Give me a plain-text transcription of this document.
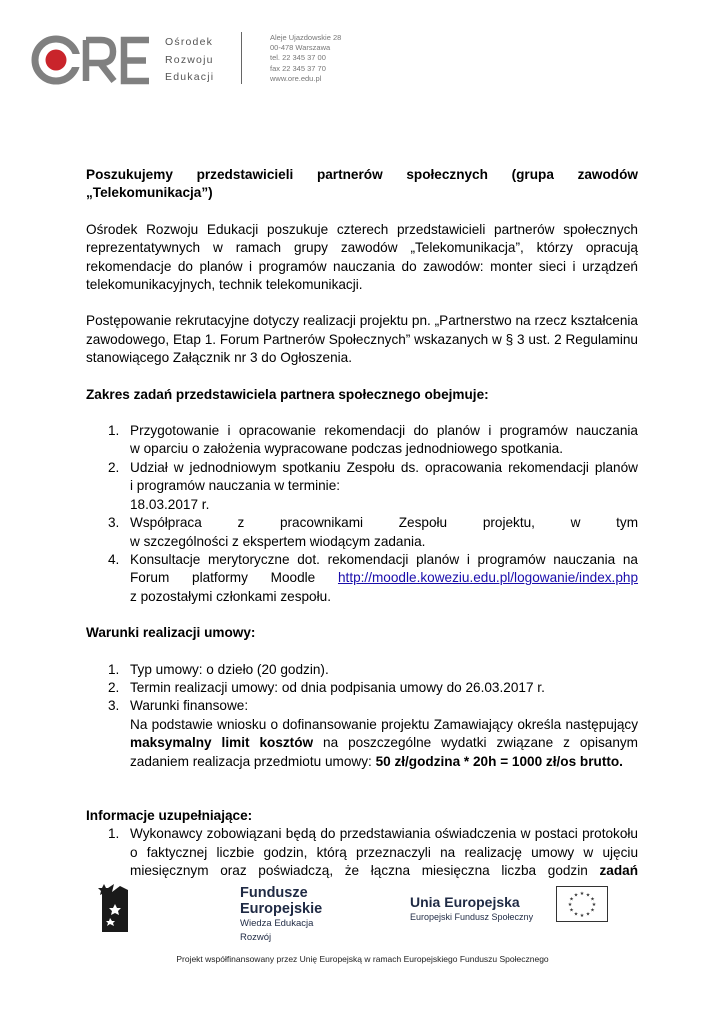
Ośrodek
Rozwoju
Edukacji
Aleje Ujazdowskie 28
00-478 Warszawa
tel. 22 345 37 00
fax 22 345 37 70
www.ore.edu.pl
Poszukujemy przedstawicieli partnerów społecznych (grupa zawodów
„Telekomunikacja”)

Ośrodek Rozwoju Edukacji poszukuje czterech przedstawicieli partnerów społecznych
reprezentatywnych w ramach grupy zawodów „Telekomunikacja”, którzy opracują
rekomendacje do planów i programów nauczania do zawodów: monter sieci i urządzeń
telekomunikacyjnych, technik telekomunikacji.

Postępowanie rekrutacyjne dotyczy realizacji projektu pn. „Partnerstwo na rzecz kształcenia
zawodowego, Etap 1. Forum Partnerów Społecznych” wskazanych w § 3 ust. 2 Regulaminu
stanowiącego Załącznik nr 3 do Ogłoszenia.

Zakres zadań przedstawiciela partnera społecznego obejmuje:
1. Przygotowanie i opracowanie rekomendacji do planów i programów nauczania
w oparciu o założenia wypracowane podczas jednodniowego spotkania.
2. Udział w jednodniowym spotkaniu Zespołu ds. opracowania rekomendacji planów
i programów nauczania w terminie:
18.03.2017 r.
3. Współpraca	z	pracownikami	Zespołu	projektu,	w	tym
w szczególności z ekspertem wiodącym zadania.
4. Konsultacje merytoryczne dot. rekomendacji planów i programów nauczania na
Forum platformy Moodle http://moodle.koweziu.edu.pl/logowanie/index.php
z pozostałymi członkami zespołu.
Warunki realizacji umowy:
1. Typ umowy: o dzieło (20 godzin).
2. Termin realizacji umowy: od dnia podpisania umowy do 26.03.2017 r.
3. Warunki finansowe:
Na podstawie wniosku o dofinansowanie projektu Zamawiający określa następujący
maksymalny limit kosztów na poszczególne wydatki związane z opisanym
zadaniem realizacja przedmiotu umowy: 50 zł/godzina * 20h = 1000 zł/os brutto.
Informacje uzupełniające:
1. Wykonawcy zobowiązani będą do przedstawiania oświadczenia w postaci protokołu
o faktycznej liczbie godzin, którą przeznaczyli na realizację umowy w ujęciu
miesięcznym oraz poświadczą, że łączna miesięczna liczba godzin zadań
Fundusze
Europejskie
Wiedza Edukacja Rozwój
Unia Europejska
Europejski Fundusz Społeczny
★ ★
★
★
★
★
★
★
★
★
★
★
Projekt współfinansowany przez Unię Europejską w ramach Europejskiego Funduszu Społecznego
